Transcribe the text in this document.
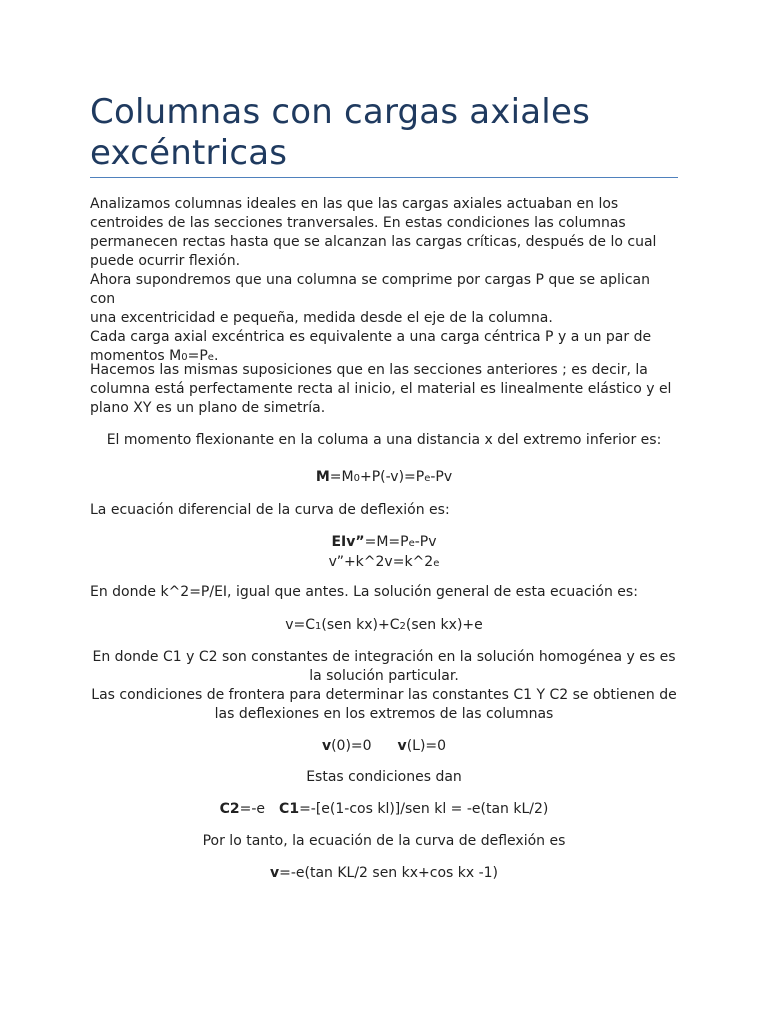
Columnas con cargas axiales excéntricas

Analizamos columnas ideales en las que las cargas axiales actuaban en los
centroides de las secciones tranversales. En estas condiciones las columnas
permanecen rectas hasta que se alcanzan las cargas críticas, después de lo cual
puede ocurrir flexión.
Ahora supondremos que una columna se comprime por cargas P que se aplican con
una excentricidad e pequeña, medida desde el eje de la columna.
Cada carga axial excéntrica es equivalente a una carga céntrica P y a un par de
momentos M0=Pe.

Hacemos las mismas suposiciones que en las secciones anteriores ; es decir, la
columna está perfectamente recta al inicio, el material es linealmente elástico y el
plano XY es un plano de simetría.

El momento flexionante en la columa a una distancia x del extremo inferior es:

M=M0+P(-v)=Pe-Pv

La ecuación diferencial de la curva de deflexión es:

EIv”=M=Pe-Pv
v”+k^2v=k^2e

En donde k^2=P/EI, igual que antes. La solución general de esta ecuación es:

v=C1(sen kx)+C2(sen kx)+e

En donde C1 y C2 son constantes de integración en la solución homogénea y es es
la solución particular.
Las condiciones de frontera para determinar las constantes C1 Y C2 se obtienen de
las deflexiones en los extremos de las columnas

v(0)=0 v(L)=0

Estas condiciones dan

C2=-e C1=-[e(1-cos kl)]/sen kl = -e(tan kL/2)

Por lo tanto, la ecuación de la curva de deflexión es

v=-e(tan KL/2 sen kx+cos kx -1)
